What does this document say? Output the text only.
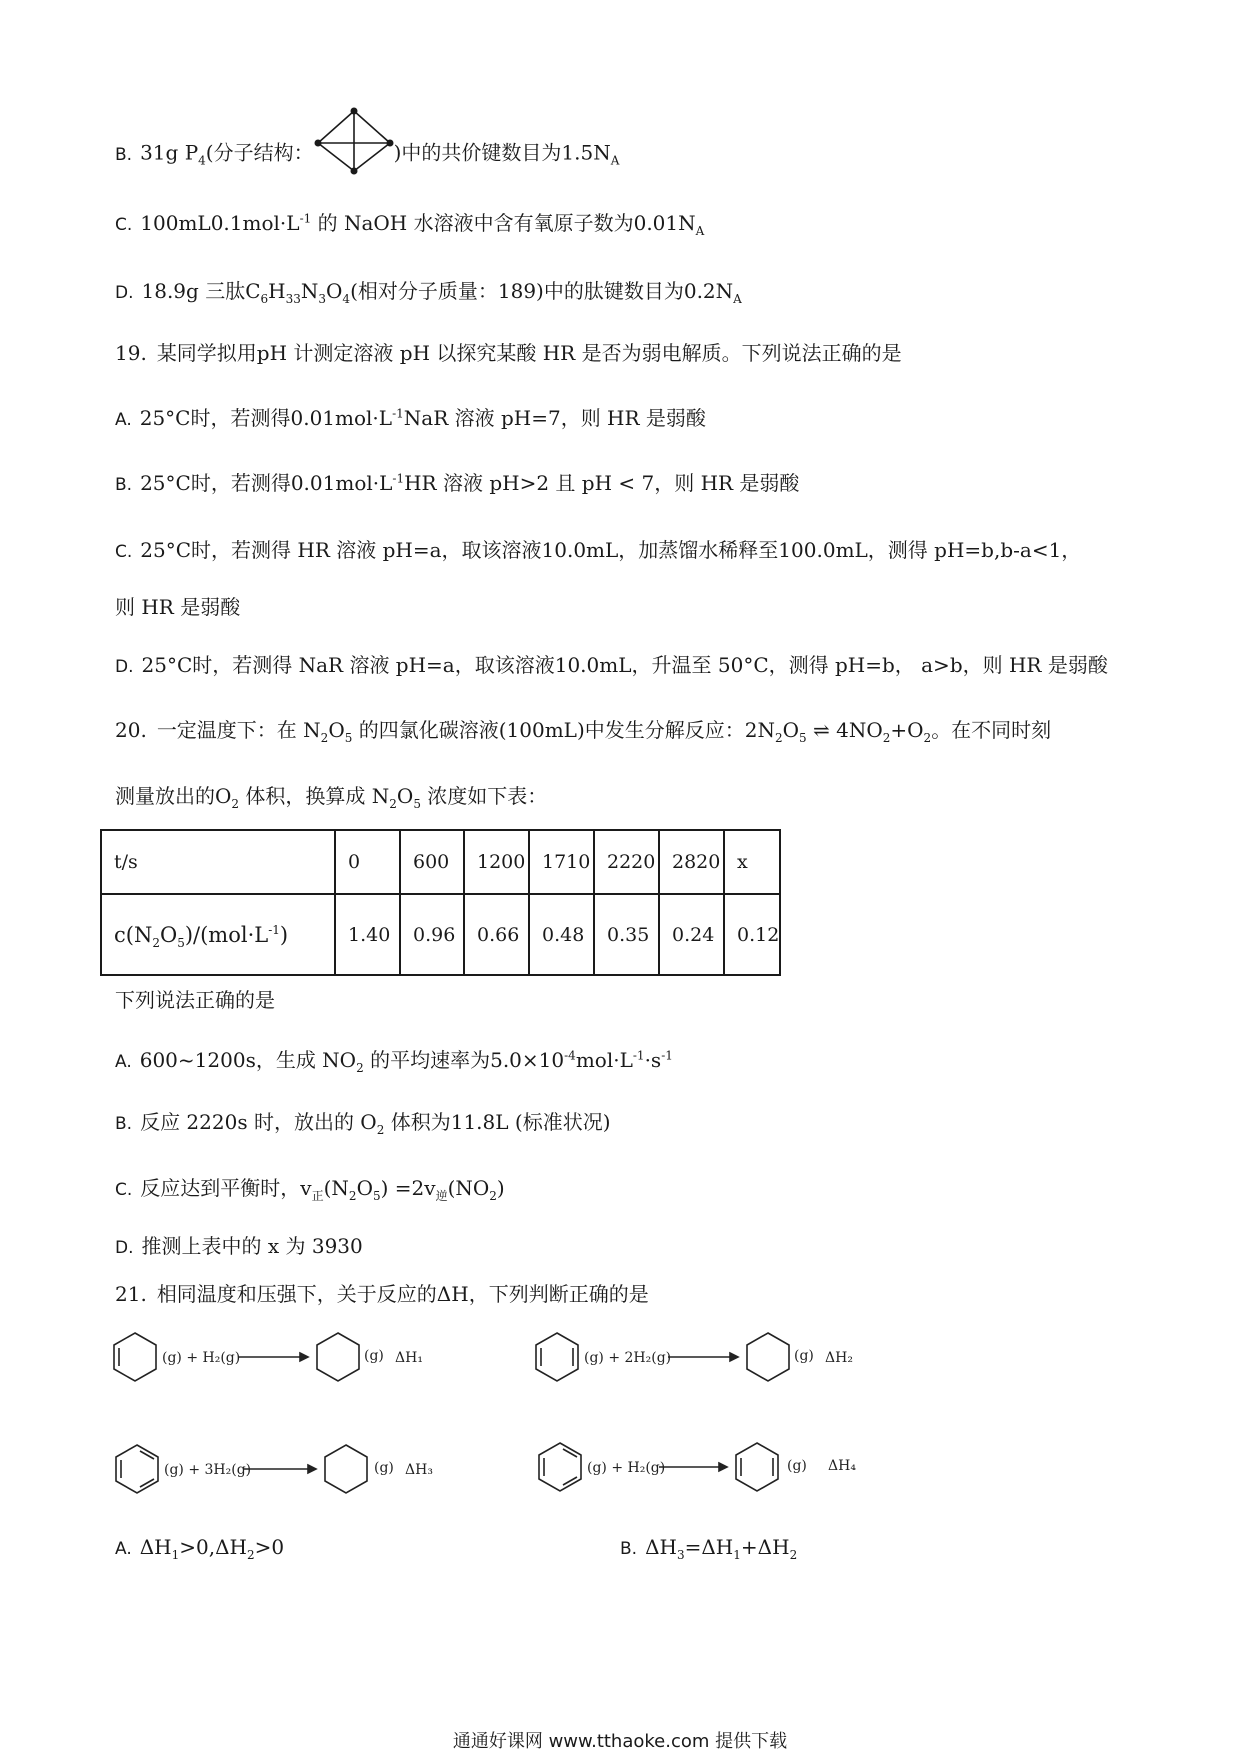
B. 31g $P_4$(分子结构：	)中的共价键数目为$1.5N_A$
C. $100mL0.1mol\cdot L^{-1}$ 的 NaOH 水溶液中含有氧原子数为$0.01N_A$
D. 18.9g 三肽$C_6H_{33}N_3O_4$(相对分子质量：189)中的肽键数目为$0.2N_A$
19. 某同学拟用pH 计测定溶液 pH 以探究某酸 HR 是否为弱电解质。下列说法正确的是
A. 25°C时，若测得$0.01mol\cdot L^{-1}NaR$ 溶液 pH=7，则 HR 是弱酸
B. 25°C时，若测得$0.01mol\cdot L^{-1}HR$ 溶液 pH>2 且 pH < 7，则 HR 是弱酸
C. 25°C时，若测得 HR 溶液 pH=a，取该溶液10.0mL，加蒸馏水稀释至100.0mL，测得 pH=b,b-a<1，
则 HR 是弱酸
D. 25°C时，若测得 NaR 溶液 pH=a，取该溶液10.0mL，升温至 50°C，测得 pH=b， a>b，则 HR 是弱酸
20. 一定温度下：在 $N_2O_5$ 的四氯化碳溶液(100mL)中发生分解反应：$2N_2O_5$ ⇌ $4NO_2+O_2$。在不同时刻
测量放出的$O_2$ 体积，换算成 $N_2O_5$ 浓度如下表：
t/s	0	600	1200	1710	2220	2820	x
$c(N_2O_5)/(mol\cdot L^{-1})$	1.40	0.96	0.66	0.48	0.35	0.24	0.12
下列说法正确的是
A. 600~1200s，生成 $NO_2$ 的平均速率为$5.0\times 10^{-4}mol\cdot L^{-1}\cdot s^{-1}$
B. 反应 2220s 时，放出的 $O_2$ 体积为11.8L (标准状况)
C. 反应达到平衡时，$v_正(N_2O_5) =2v_逆(NO_2)$
D. 推测上表中的 x 为 3930
21. 相同温度和压强下，关于反应的ΔH，下列判断正确的是
(g) + H₂(g)	(g) ΔH₁	(g) + 2H₂(g)	(g) ΔH₂
(g) + 3H₂(g)	(g) ΔH₃	(g) + H₂(g)	(g) ΔH₄
A. $\Delta H_1>0,\Delta H_2>0$	B. $\Delta H_3=\Delta H_1+\Delta H_2$
通通好课网 www.tthaoke.com 提供下载
